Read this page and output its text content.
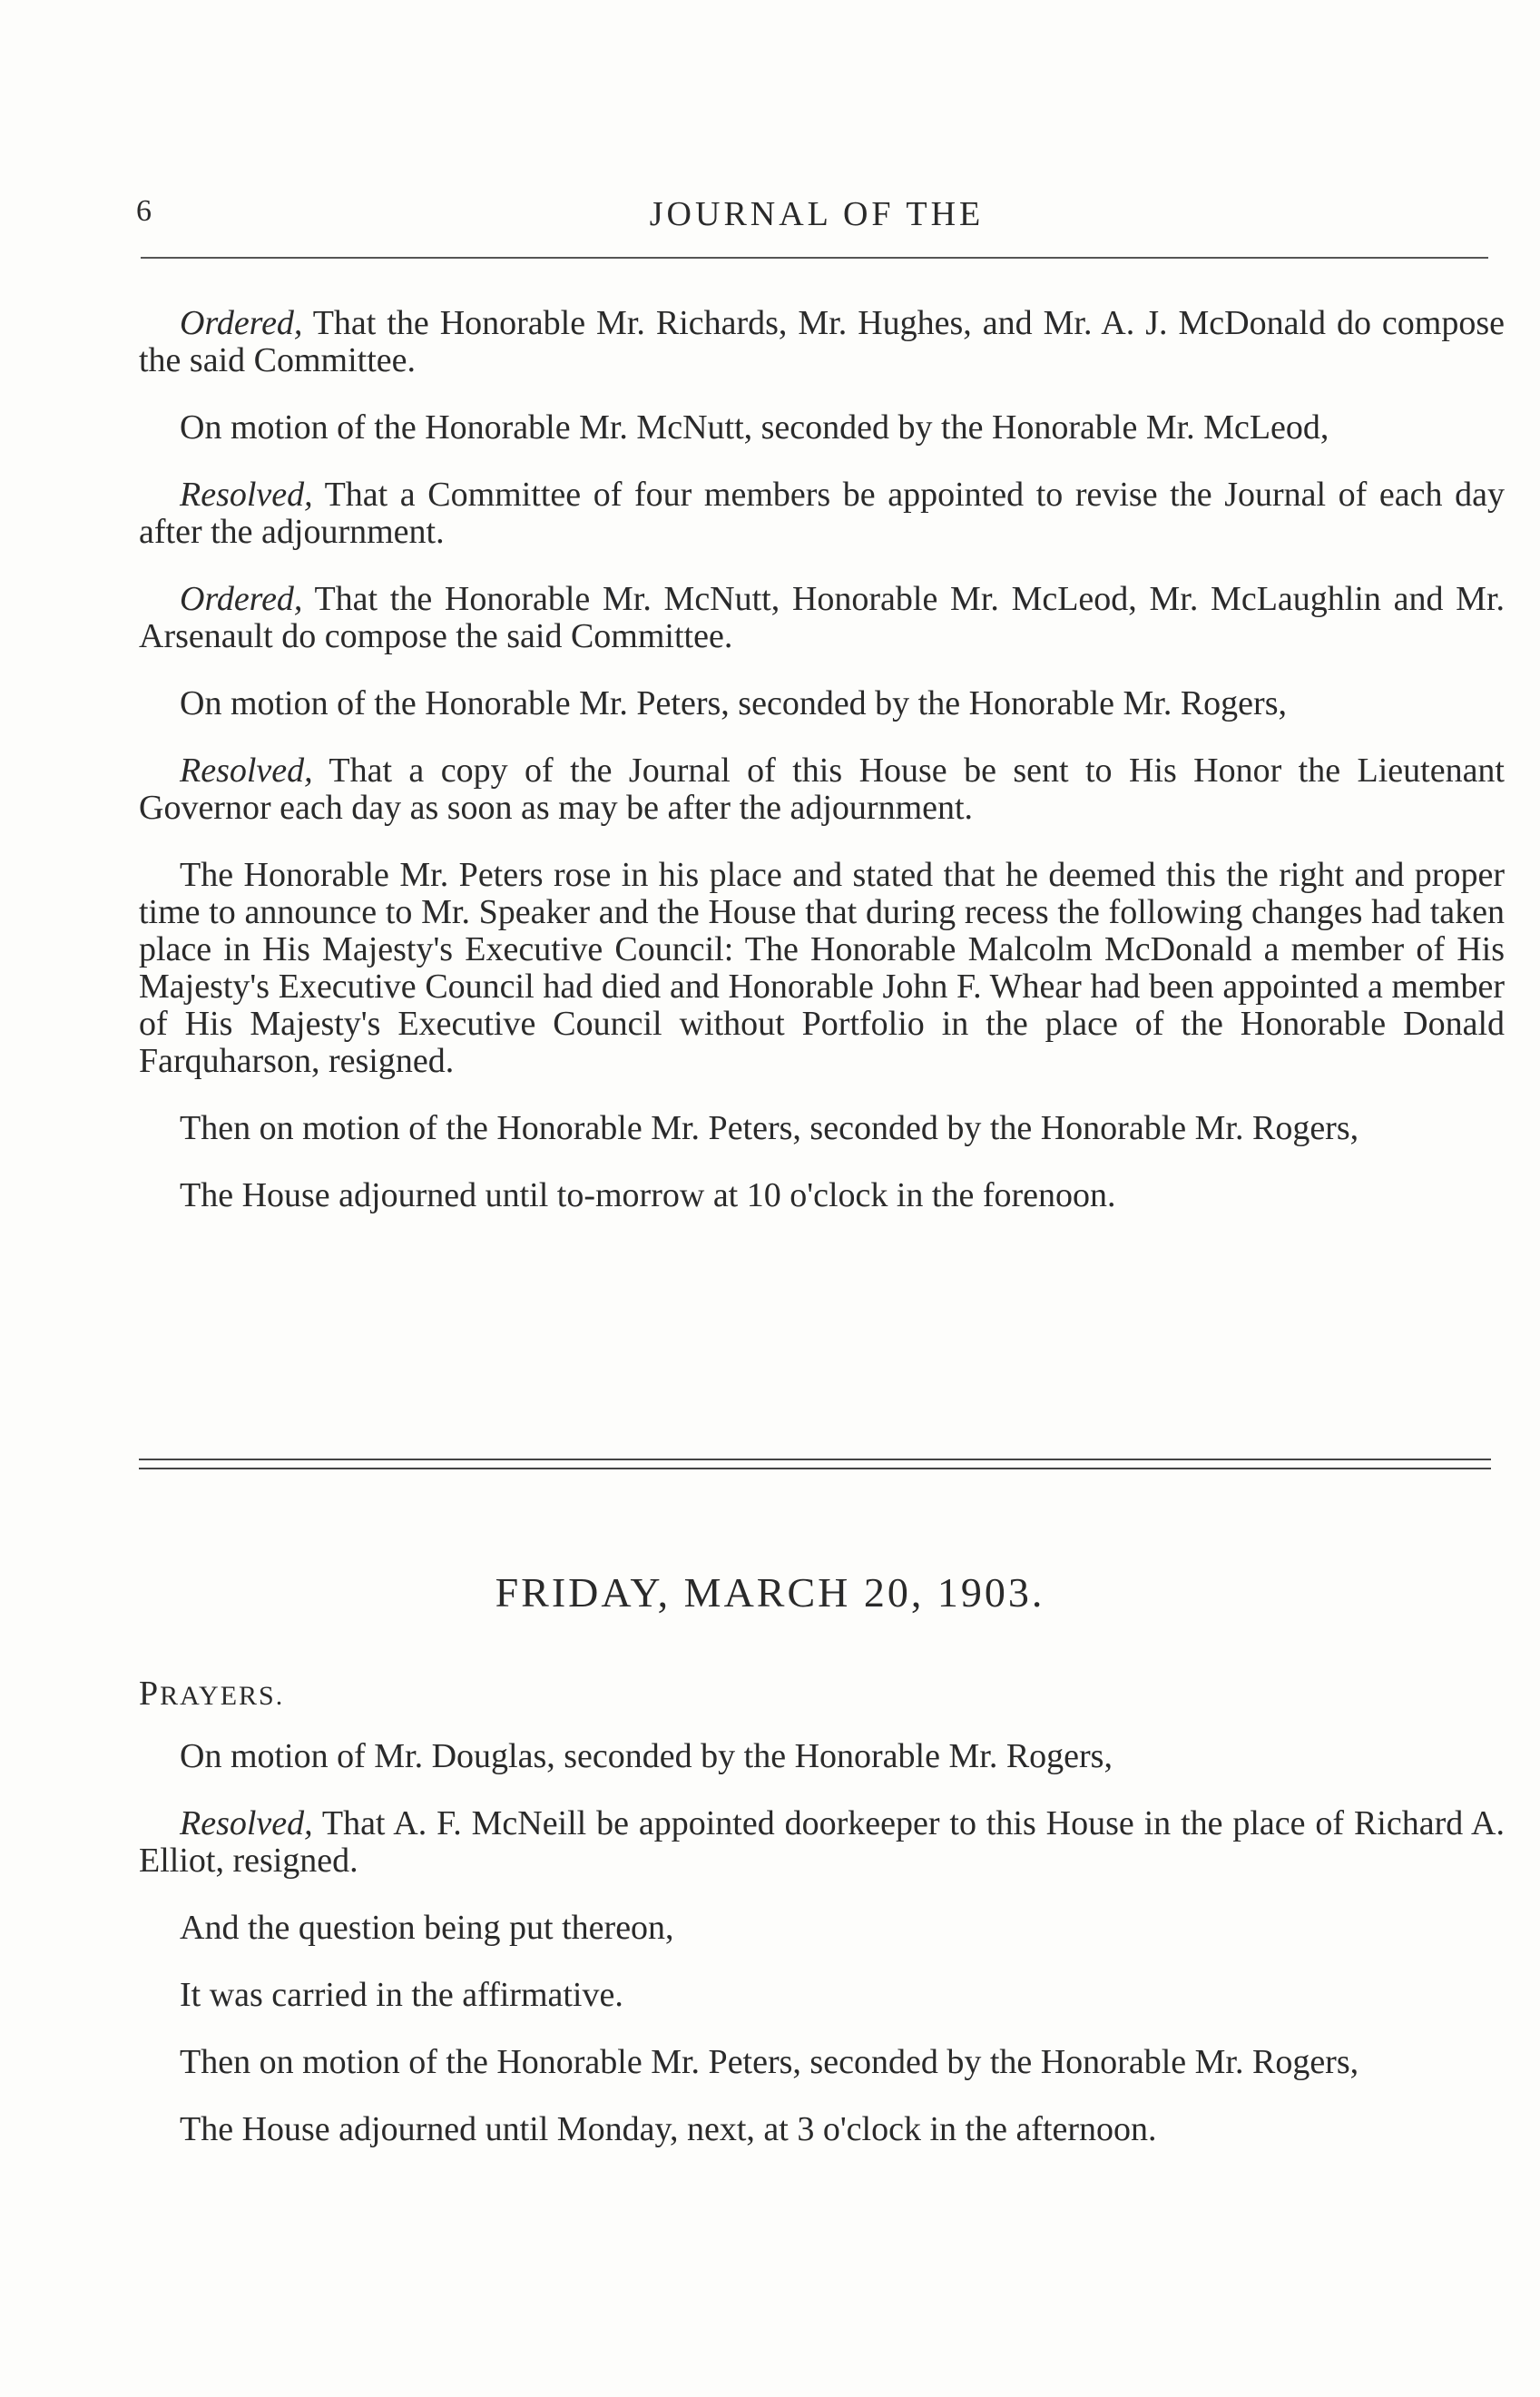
6	JOURNAL OF THE

Ordered, That the Honorable Mr. Richards, Mr. Hughes, and Mr. A. J. McDonald do compose the said Committee.

On motion of the Honorable Mr. McNutt, seconded by the Honorable Mr. McLeod,

Resolved, That a Committee of four members be appointed to revise the Journal of each day after the adjournment.

Ordered, That the Honorable Mr. McNutt, Honorable Mr. McLeod, Mr. McLaughlin and Mr. Arsenault do compose the said Committee.

On motion of the Honorable Mr. Peters, seconded by the Honorable Mr. Rogers,

Resolved, That a copy of the Journal of this House be sent to His Honor the Lieutenant Governor each day as soon as may be after the adjournment.

The Honorable Mr. Peters rose in his place and stated that he deemed this the right and proper time to announce to Mr. Speaker and the House that during recess the following changes had taken place in His Majesty's Executive Council: The Honorable Malcolm McDonald a member of His Majesty's Executive Council had died and Honorable John F. Whear had been appointed a member of His Majesty's Executive Council without Portfolio in the place of the Honorable Donald Farquharson, resigned.

Then on motion of the Honorable Mr. Peters, seconded by the Honorable Mr. Rogers,

The House adjourned until to-morrow at 10 o'clock in the forenoon.

FRIDAY, MARCH 20, 1903.
PRAYERS.

On motion of Mr. Douglas, seconded by the Honorable Mr. Rogers,

Resolved, That A. F. McNeill be appointed doorkeeper to this House in the place of Richard A. Elliot, resigned.

And the question being put thereon,

It was carried in the affirmative.

Then on motion of the Honorable Mr. Peters, seconded by the Honorable Mr. Rogers,

The House adjourned until Monday, next, at 3 o'clock in the afternoon.
